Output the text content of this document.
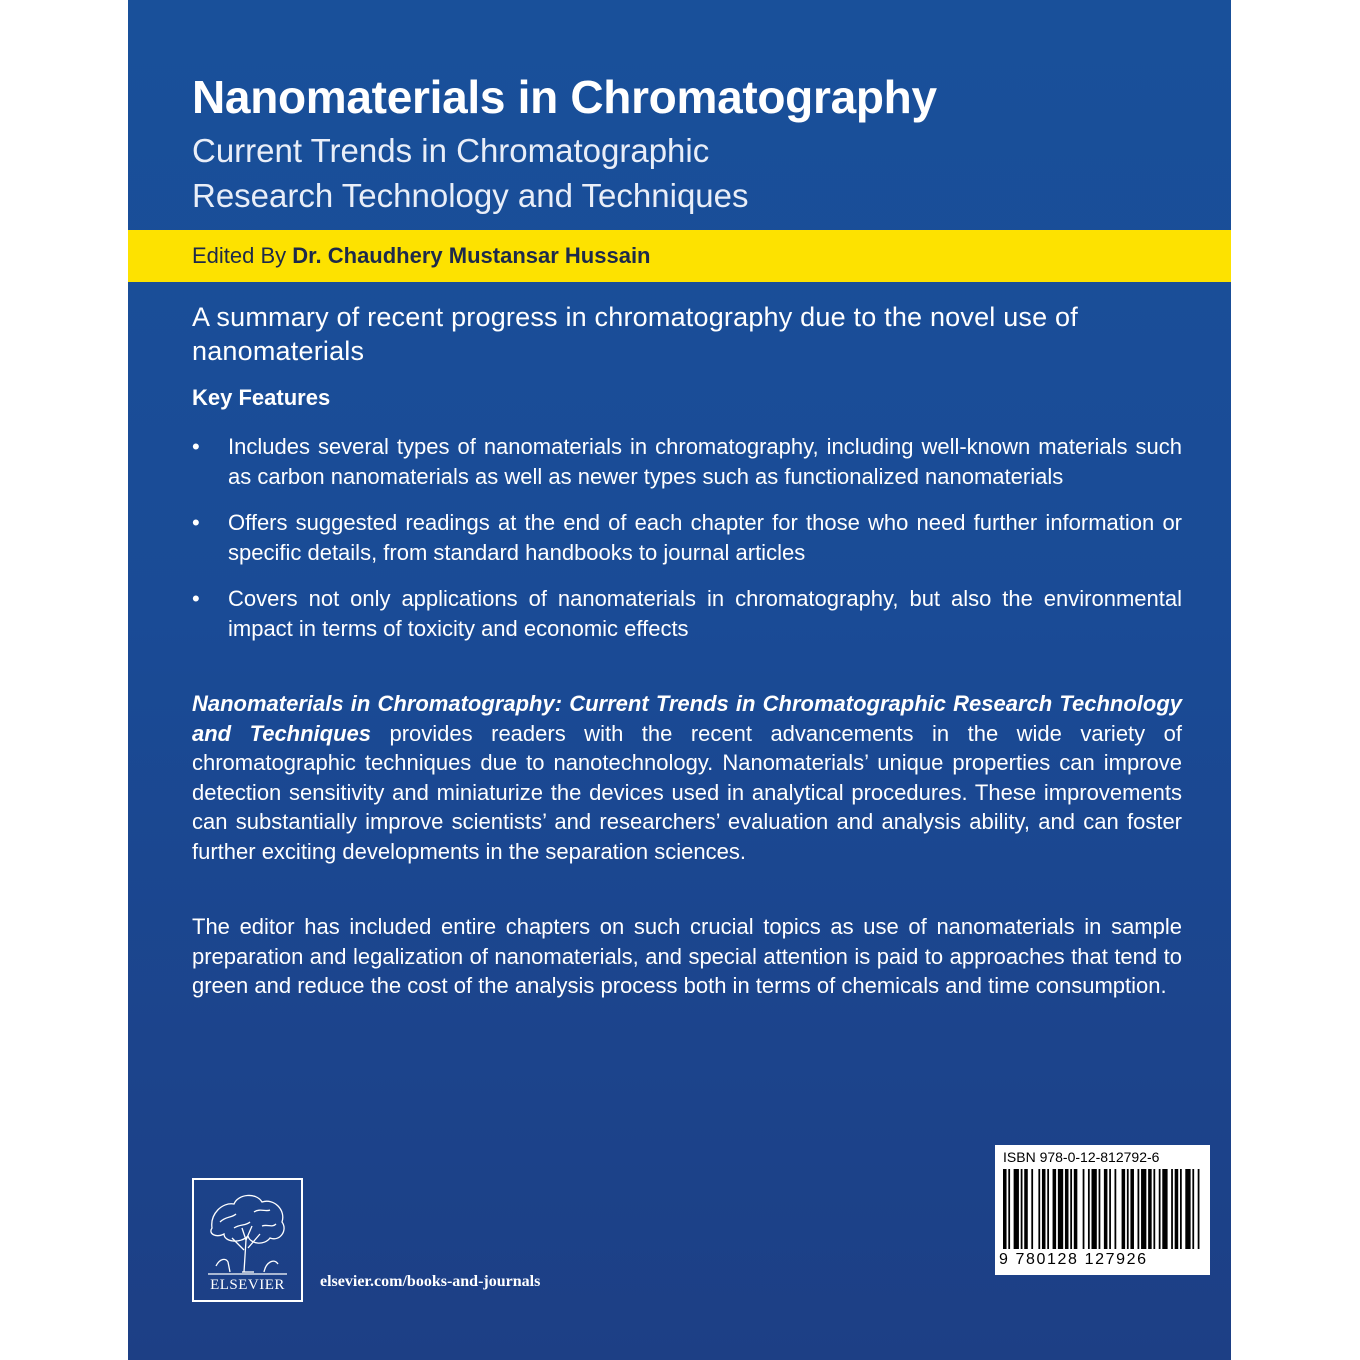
Nanomaterials in Chromatography
Current Trends in Chromatographic
Research Technology and Techniques
Edited By Dr. Chaudhery Mustansar Hussain
A summary of recent progress in chromatography due to the novel use of nanomaterials
Key Features
• Includes several types of nanomaterials in chromatography, including well-known materials such as carbon nanomaterials as well as newer types such as functionalized nanomaterials
• Offers suggested readings at the end of each chapter for those who need further information or specific details, from standard handbooks to journal articles
• Covers not only applications of nanomaterials in chromatography, but also the environmental impact in terms of toxicity and economic effects
Nanomaterials in Chromatography: Current Trends in Chromatographic Research Technology and Techniques provides readers with the recent advancements in the wide variety of chromatographic techniques due to nanotechnology. Nanomaterials’ unique properties can improve detection sensitivity and miniaturize the devices used in analytical procedures. These improvements can substantially improve scientists’ and researchers’ evaluation and analysis ability, and can foster further exciting developments in the separation sciences.
The editor has included entire chapters on such crucial topics as use of nanomaterials in sample preparation and legalization of nanomaterials, and special attention is paid to approaches that tend to green and reduce the cost of the analysis process both in terms of chemicals and time consumption.
ELSEVIER	elsevier.com/books-and-journals
ISBN 978-0-12-812792-6
9 780128 127926
